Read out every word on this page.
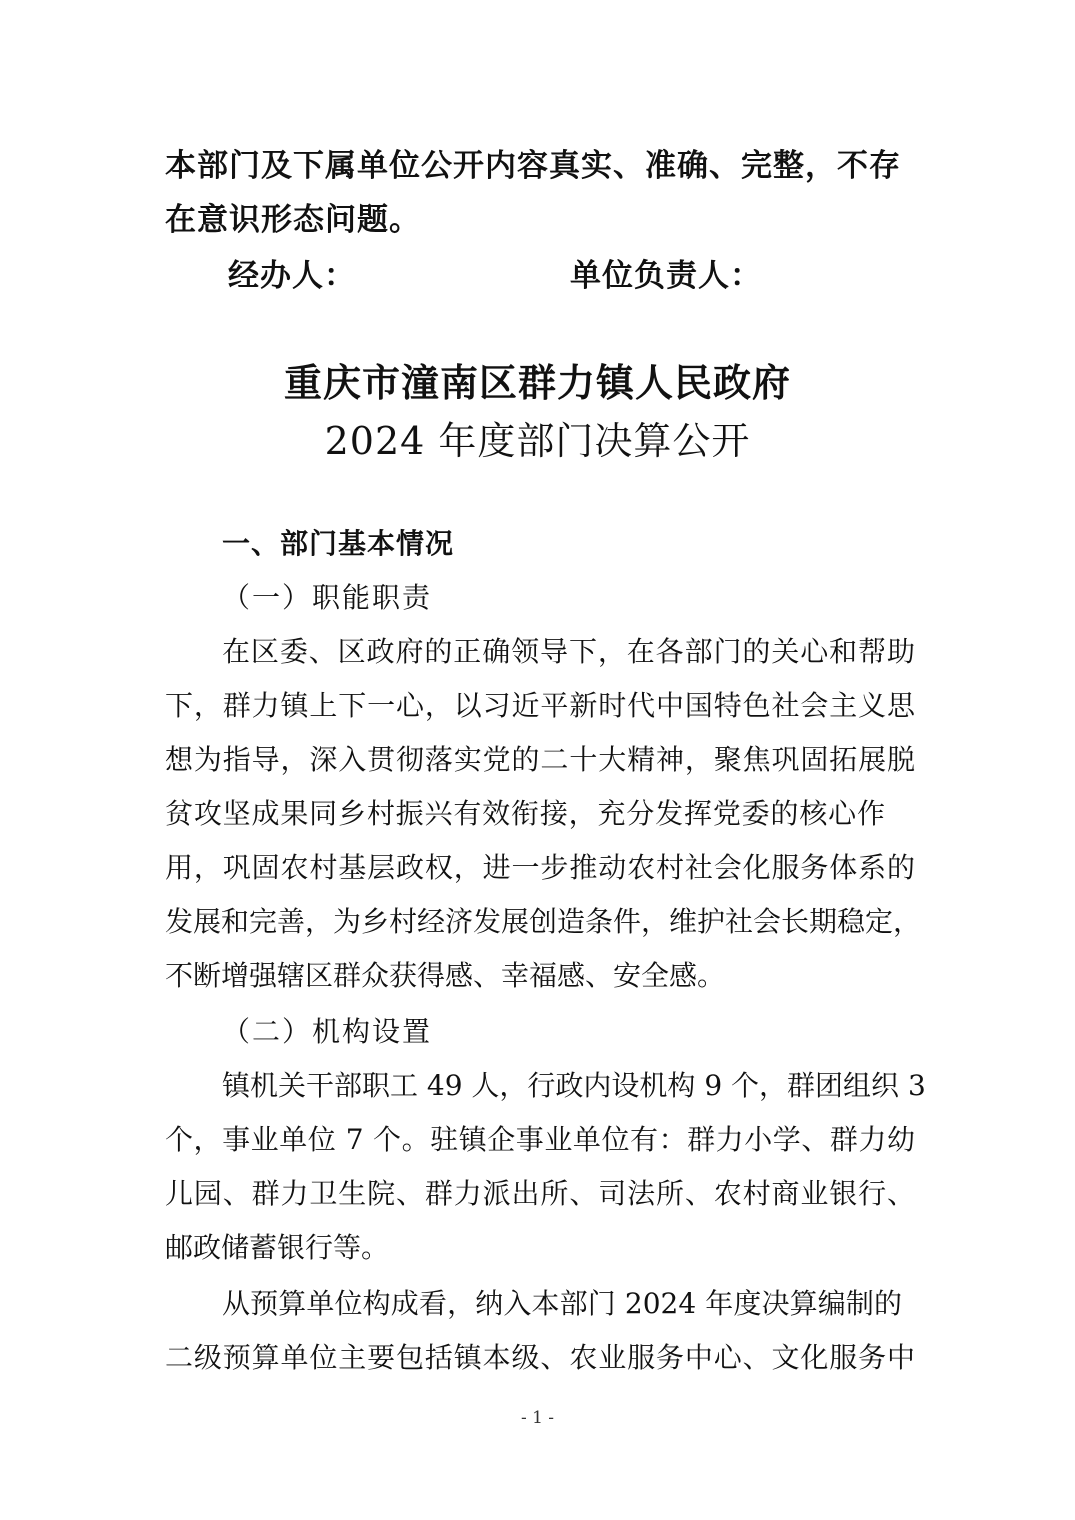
本部门及下属单位公开内容真实、准确、完整，不存
在意识形态问题。
经办人：	单位负责人：
重庆市潼南区群力镇人民政府
2024 年度部门决算公开
一、部门基本情况
（一）职能职责
在区委、区政府的正确领导下，在各部门的关心和帮助
下，群力镇上下一心，以习近平新时代中国特色社会主义思
想为指导，深入贯彻落实党的二十大精神，聚焦巩固拓展脱
贫攻坚成果同乡村振兴有效衔接，充分发挥党委的核心作
用，巩固农村基层政权，进一步推动农村社会化服务体系的
发展和完善，为乡村经济发展创造条件，维护社会长期稳定，
不断增强辖区群众获得感、幸福感、安全感。
（二）机构设置
镇机关干部职工 49 人，行政内设机构 9 个，群团组织 3
个，事业单位 7 个。驻镇企事业单位有：群力小学、群力幼
儿园、群力卫生院、群力派出所、司法所、农村商业银行、
邮政储蓄银行等。
从预算单位构成看，纳入本部门 2024 年度决算编制的
二级预算单位主要包括镇本级、农业服务中心、文化服务中
- 1 -
